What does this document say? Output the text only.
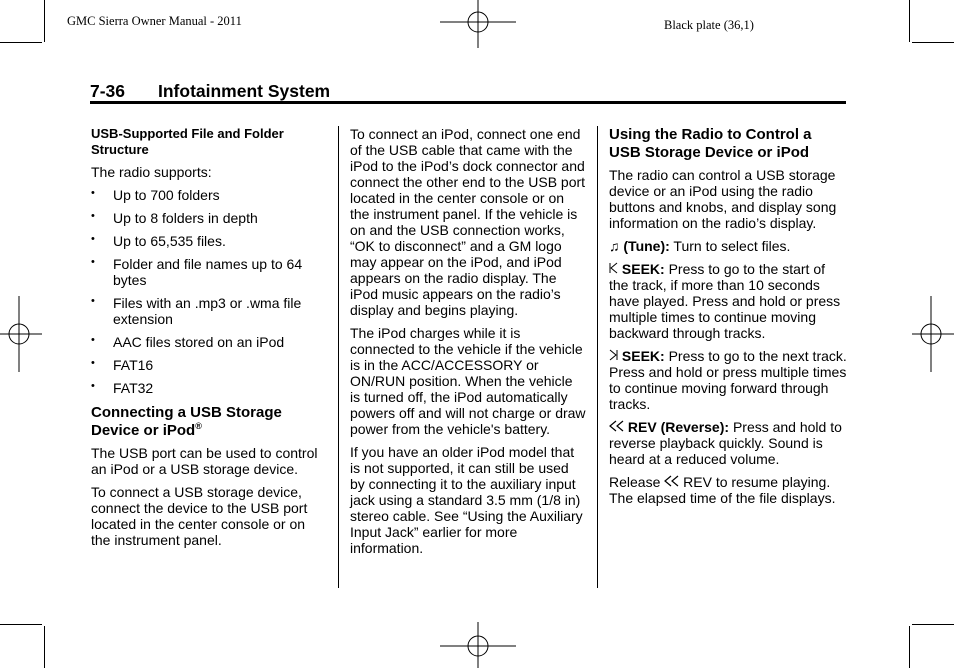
GMC Sierra Owner Manual - 2011	Black plate (36,1)
7-36 Infotainment System
USB-Supported File and Folder Structure

The radio supports:

• Up to 700 folders
• Up to 8 folders in depth
• Up to 65,535 files.
• Folder and file names up to 64 bytes
• Files with an .mp3 or .wma file extension
• AAC files stored on an iPod
• FAT16
• FAT32
Connecting a USB Storage Device or iPod®

The USB port can be used to control an iPod or a USB storage device.

To connect a USB storage device, connect the device to the USB port located in the center console or on the instrument panel.

To connect an iPod, connect one end of the USB cable that came with the iPod to the iPod’s dock connector and connect the other end to the USB port located in the center console or on the instrument panel. If the vehicle is on and the USB connection works, “OK to disconnect” and a GM logo may appear on the iPod, and iPod appears on the radio display. The iPod music appears on the radio’s display and begins playing.

The iPod charges while it is connected to the vehicle if the vehicle is in the ACC/ACCESSORY or ON/RUN position. When the vehicle is turned off, the iPod automatically powers off and will not charge or draw power from the vehicle's battery.

If you have an older iPod model that is not supported, it can still be used by connecting it to the auxiliary input jack using a standard 3.5 mm (1/8 in) stereo cable. See “Using the Auxiliary Input Jack” earlier for more information.

Using the Radio to Control a USB Storage Device or iPod

The radio can control a USB storage device or an iPod using the radio buttons and knobs, and display song information on the radio’s display.

♫ (Tune): Turn to select files.

SEEK: Press to go to the start of the track, if more than 10 seconds have played. Press and hold or press multiple times to continue moving backward through tracks.

SEEK: Press to go to the next track. Press and hold or press multiple times to continue moving forward through tracks.

REV (Reverse): Press and hold to reverse playback quickly. Sound is heard at a reduced volume.

Release REV to resume playing. The elapsed time of the file displays.
